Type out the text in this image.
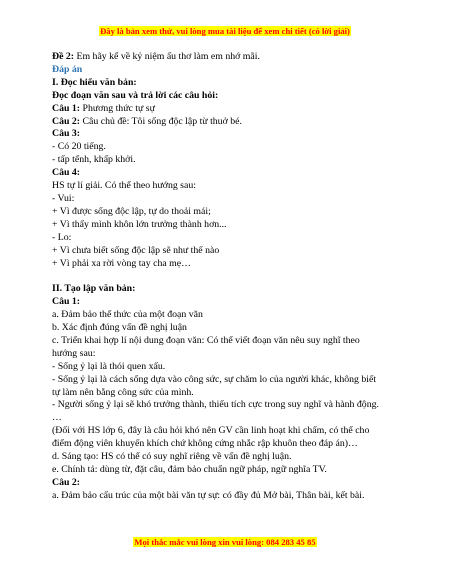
Đây là bản xem thử, vui lòng mua tài liệu để xem chi tiết (có lời giải)
Đề 2: Em hãy kể về kỷ niệm ấu thơ làm em nhớ mãi.
Đáp án
I. Đọc hiểu văn bản:
Đọc đoạn văn sau và trả lời các câu hỏi:
Câu 1: Phương thức tự sự
Câu 2: Câu chủ đề: Tôi sống độc lập từ thuở bé.
Câu 3:
- Có 20 tiếng.
- tấp tểnh, khấp khởi.
Câu 4:
HS tự lí giải. Có thể theo hướng sau:
- Vui:
+ Vì được sống độc lập, tự do thoải mái;
+ Vì thấy mình khôn lớn trưởng thành hơn...
- Lo:
+ Vì chưa biết sống độc lập sẽ như thế nào
+ Vì phải xa rời vòng tay cha mẹ…
II. Tạo lập văn bản:
Câu 1:
a. Đảm bảo thể thức của một đoạn văn
b. Xác định đúng vấn đề nghị luận
c. Triển khai hợp lí nội dung đoạn văn: Có thể viết đoạn văn nêu suy nghĩ theo
hướng sau:
- Sống ỷ lại là thói quen xấu.
- Sống ỷ lại là cách sống dựa vào công sức, sự chăm lo của người khác, không biết
tự làm nên bằng công sức của mình.
- Người sống ỷ lại sẽ khó trưởng thành, thiếu tích cực trong suy nghĩ và hành động.
…
(Đối với HS lớp 6, đây là câu hỏi khó nên GV cần linh hoạt khi chấm, có thể cho
điểm động viên khuyến khích chứ không cứng nhắc rập khuôn theo đáp án)…
d. Sáng tạo: HS có thể có suy nghĩ riêng về vấn đề nghị luận.
e. Chính tả: dùng từ, đặt câu, đảm bảo chuẩn ngữ pháp, ngữ nghĩa TV.
Câu 2:
a. Đảm bảo cấu trúc của một bài văn tự sự: có đầy đủ Mở bài, Thân bài, kết bài.
Mọi thắc mắc vui lòng xin vui lòng: 084 283 45 85
